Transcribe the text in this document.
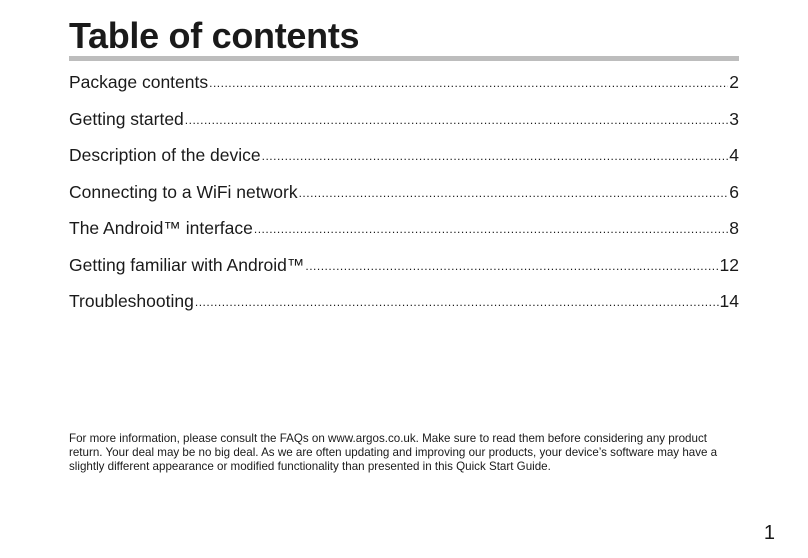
Table of contents
Package contents .....	2
Getting started .....	3
Description of the device .....	4
Connecting to a WiFi network .....	6
The Android™ interface .....	8
Getting familiar with Android™ .....	12
Troubleshooting .....	14

For more information, please consult the FAQs on www.argos.co.uk. Make sure to read them before considering any product return. Your deal may be no big deal. As we are often updating and improving our products, your device’s software may have a slightly different appearance or modified functionality than presented in this Quick Start Guide.

1
